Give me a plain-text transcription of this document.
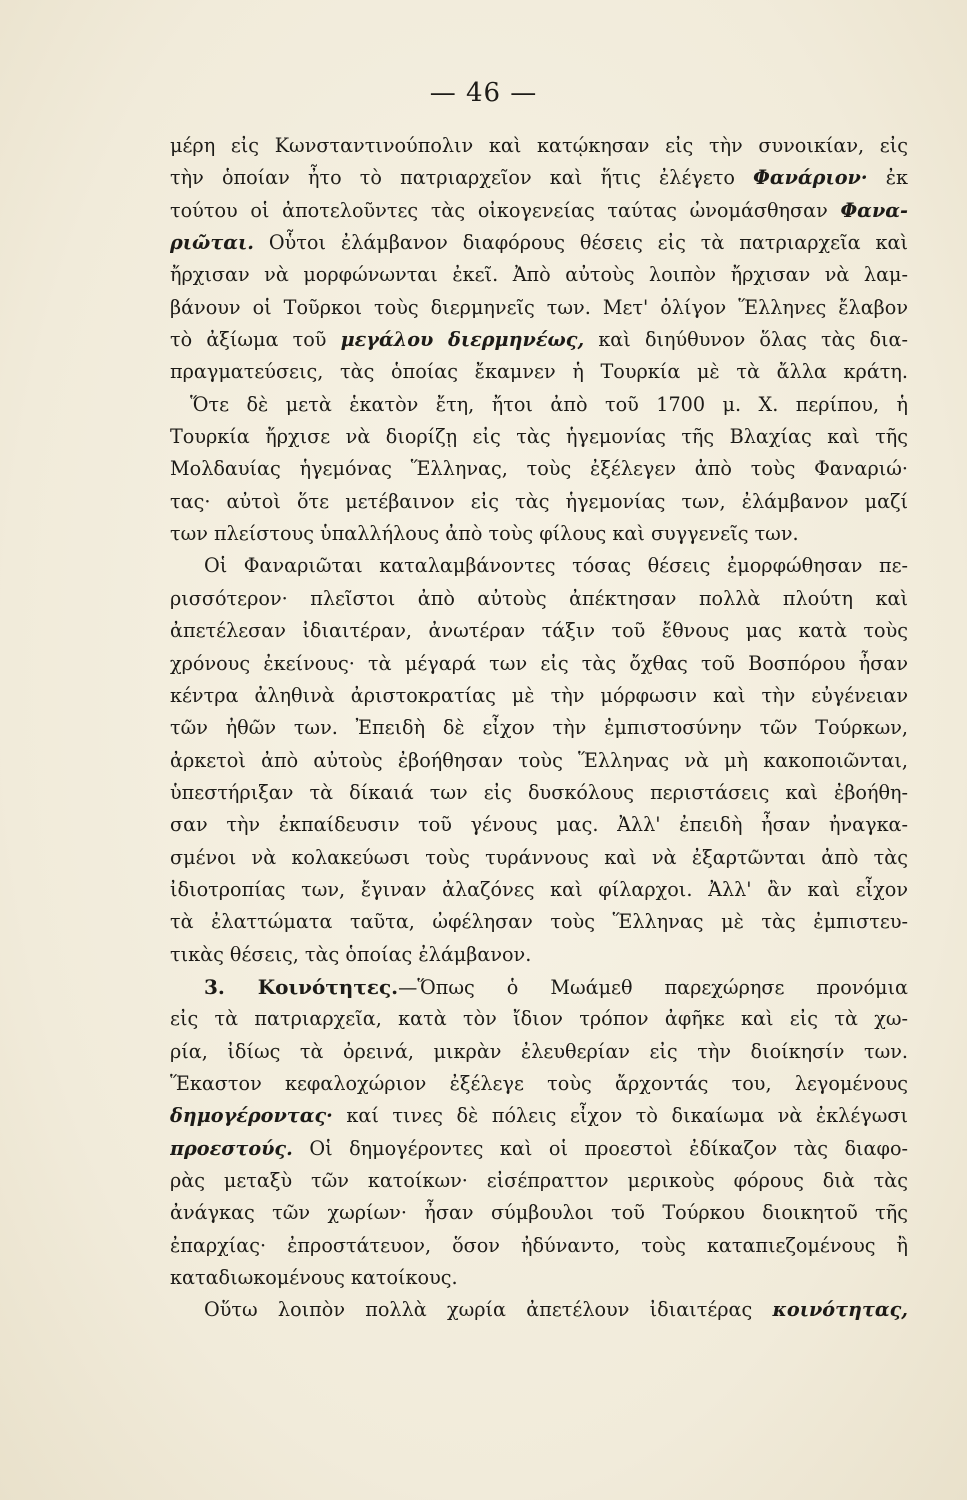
— 46 —
μέρη εἰς Κωνσταντινούπολιν καὶ κατῴκησαν εἰς τὴν συνοικίαν, εἰς
τὴν ὁποίαν ἦτο τὸ πατριαρχεῖον καὶ ἥτις ἐλέγετο Φανάριον· ἐκ
τούτου οἱ ἀποτελοῦντες τὰς οἰκογενείας ταύτας ὠνομάσθησαν Φανα-
ριῶται. Οὗτοι ἐλάμβανον διαφόρους θέσεις εἰς τὰ πατριαρχεῖα καὶ
ἤρχισαν νὰ μορφώνωνται ἐκεῖ. Ἀπὸ αὐτοὺς λοιπὸν ἤρχισαν νὰ λαμ-
βάνουν οἱ Τοῦρκοι τοὺς διερμηνεῖς των. Μετ' ὀλίγον Ἕλληνες ἔλαβον
τὸ ἀξίωμα τοῦ μεγάλου διερμηνέως, καὶ διηύθυνον ὅλας τὰς δια-
πραγματεύσεις, τὰς ὁποίας ἔκαμνεν ἡ Τουρκία μὲ τὰ ἄλλα κράτη.
Ὅτε δὲ μετὰ ἑκατὸν ἔτη, ἤτοι ἀπὸ τοῦ 1700 μ. Χ. περίπου, ἡ
Τουρκία ἤρχισε νὰ διορίζῃ εἰς τὰς ἡγεμονίας τῆς Βλαχίας καὶ τῆς
Μολδαυίας ἡγεμόνας Ἕλληνας, τοὺς ἐξέλεγεν ἀπὸ τοὺς Φαναριώ·
τας· αὐτοὶ ὅτε μετέβαινον εἰς τὰς ἡγεμονίας των, ἐλάμβανον μαζί
των πλείστους ὑπαλλήλους ἀπὸ τοὺς φίλους καὶ συγγενεῖς των.
Οἱ Φαναριῶται καταλαμβάνοντες τόσας θέσεις ἐμορφώθησαν πε-
ρισσότερον· πλεῖστοι ἀπὸ αὐτοὺς ἀπέκτησαν πολλὰ πλούτη καὶ
ἀπετέλεσαν ἰδιαιτέραν, ἀνωτέραν τάξιν τοῦ ἔθνους μας κατὰ τοὺς
χρόνους ἐκείνους· τὰ μέγαρά των εἰς τὰς ὄχθας τοῦ Βοσπόρου ἦσαν
κέντρα ἀληθινὰ ἀριστοκρατίας μὲ τὴν μόρφωσιν καὶ τὴν εὐγένειαν
τῶν ἠθῶν των. Ἐπειδὴ δὲ εἶχον τὴν ἐμπιστοσύνην τῶν Τούρκων,
ἀρκετοὶ ἀπὸ αὐτοὺς ἐβοήθησαν τοὺς Ἕλληνας νὰ μὴ κακοποιῶνται,
ὑπεστήριξαν τὰ δίκαιά των εἰς δυσκόλους περιστάσεις καὶ ἐβοήθη-
σαν τὴν ἐκπαίδευσιν τοῦ γένους μας. Ἀλλ' ἐπειδὴ ἦσαν ἠναγκα-
σμένοι νὰ κολακεύωσι τοὺς τυράννους καὶ νὰ ἐξαρτῶνται ἀπὸ τὰς
ἰδιοτροπίας των, ἔγιναν ἀλαζόνες καὶ φίλαρχοι. Ἀλλ' ἂν καὶ εἶχον
τὰ ἐλαττώματα ταῦτα, ὠφέλησαν τοὺς Ἕλληνας μὲ τὰς ἐμπιστευ-
τικὰς θέσεις, τὰς ὁποίας ἐλάμβανον.
3. Κοινότητες.—Ὅπως ὁ Μωάμεθ παρεχώρησε προνόμια
εἰς τὰ πατριαρχεῖα, κατὰ τὸν ἴδιον τρόπον ἀφῆκε καὶ εἰς τὰ χω-
ρία, ἰδίως τὰ ὀρεινά, μικρὰν ἐλευθερίαν εἰς τὴν διοίκησίν των.
Ἕκαστον κεφαλοχώριον ἐξέλεγε τοὺς ἄρχοντάς του, λεγομένους
δημογέροντας· καί τινες δὲ πόλεις εἶχον τὸ δικαίωμα νὰ ἐκλέγωσι
προεστούς. Οἱ δημογέροντες καὶ οἱ προεστοὶ ἐδίκαζον τὰς διαφο-
ρὰς μεταξὺ τῶν κατοίκων· εἰσέπραττον μερικοὺς φόρους διὰ τὰς
ἀνάγκας τῶν χωρίων· ἦσαν σύμβουλοι τοῦ Τούρκου διοικητοῦ τῆς
ἐπαρχίας· ἐπροστάτευον, ὅσον ἠδύναντο, τοὺς καταπιεζομένους ἢ
καταδιωκομένους κατοίκους.
Οὕτω λοιπὸν πολλὰ χωρία ἀπετέλουν ἰδιαιτέρας κοινότητας,
